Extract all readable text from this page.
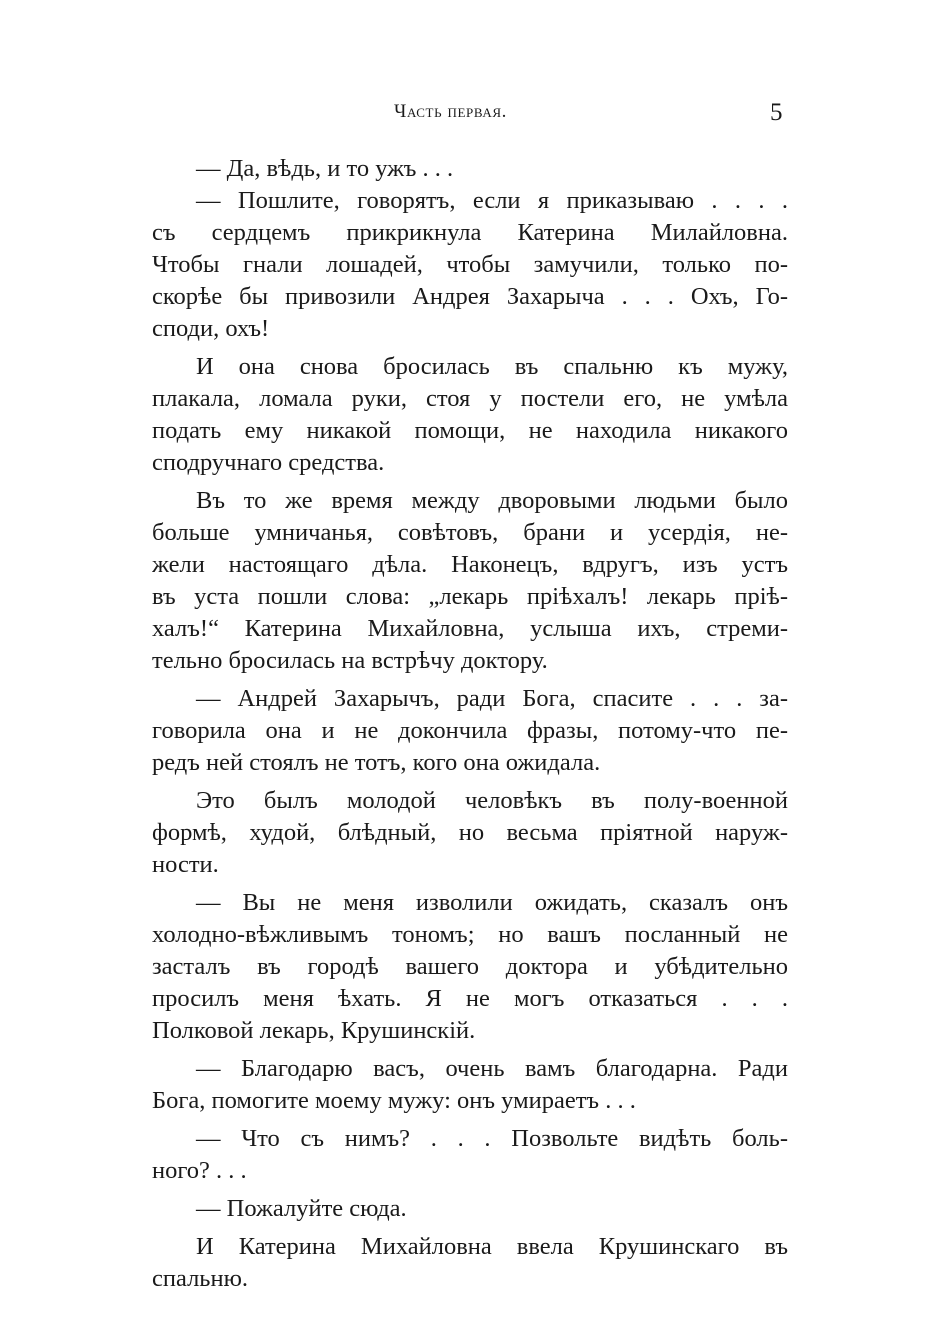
Часть первая.	5
— Да, вѣдь, и то ужъ . . .
— Пошлите, говорятъ, если я приказываю . . . .
съ сердцемъ прикрикнула Катерина Милайловна.
Чтобы гнали лошадей, чтобы замучили, только по-
скорѣе бы привозили Андрея Захарыча . . . Охъ, Го-
споди, охъ!
И она снова бросилась въ спальню къ мужу,
плакала, ломала руки, стоя у постели его, не умѣла
подать ему никакой помощи, не находила никакого
сподручнаго средства.
Въ то же время между дворовыми людьми было
больше умничанья, совѣтовъ, брани и усердія, не-
жели настоящаго дѣла. Наконецъ, вдругъ, изъ устъ
въ уста пошли слова: „лекарь пріѣхалъ! лекарь пріѣ-
халъ!“ Катерина Михайловна, услыша ихъ, стреми-
тельно бросилась на встрѣчу доктору.
— Андрей Захарычъ, ради Бога, спасите . . . за-
говорила она и не докончила фразы, потому-что пе-
редъ ней стоялъ не тотъ, кого она ожидала.
Это былъ молодой человѣкъ въ полу-военной
формѣ, худой, блѣдный, но весьма пріятной наруж-
ности.
— Вы не меня изволили ожидать, сказалъ онъ
холодно-вѣжливымъ тономъ; но вашъ посланный не
засталъ въ городѣ вашего доктора и убѣдительно
просилъ меня ѣхать. Я не могъ отказаться . . .
Полковой лекарь, Крушинскій.
— Благодарю васъ, очень вамъ благодарна. Ради
Бога, помогите моему мужу: онъ умираетъ . . .
— Что съ нимъ? . . . Позвольте видѣть боль-
ного? . . .
— Пожалуйте сюда.
И Катерина Михайловна ввела Крушинскаго въ
спальню.
